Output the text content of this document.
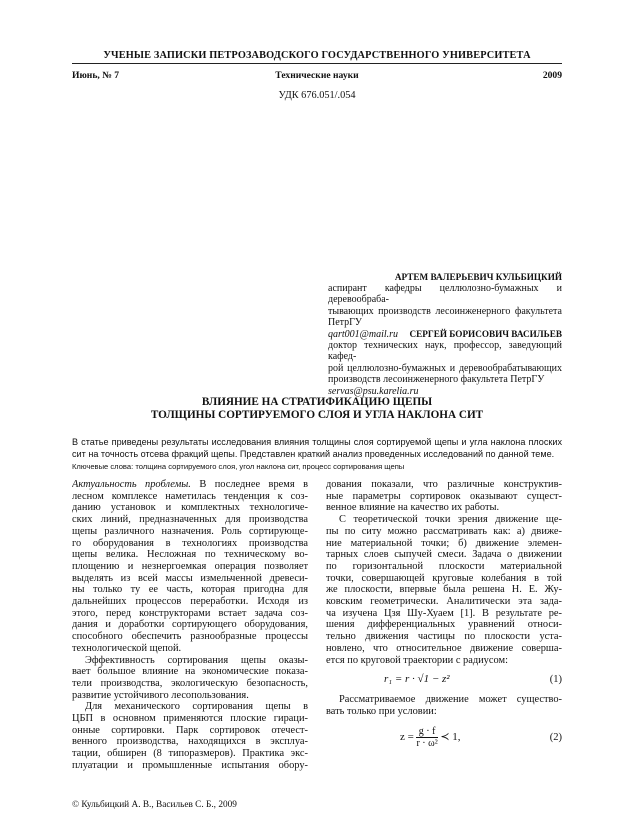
УЧЕНЫЕ ЗАПИСКИ ПЕТРОЗАВОДСКОГО ГОСУДАРСТВЕННОГО УНИВЕРСИТЕТА
Июнь, № 7	Технические науки	2009
УДК 676.051/.054
АРТЕМ ВАЛЕРЬЕВИЧ КУЛЬБИЦКИЙ
аспирант кафедры целлюлозно-бумажных и деревообраба-
тывающих производств лесоинженерного факультета
ПетрГУ
qart001@mail.ru	СЕРГЕЙ БОРИСОВИЧ ВАСИЛЬЕВ
доктор технических наук, профессор, заведующий кафед-
рой целлюлозно-бумажных и деревообрабатывающих
производств лесоинженерного факультета ПетрГУ
servas@psu.karelia.ru
ВЛИЯНИЕ НА СТРАТИФИКАЦИЮ ЩЕПЫ
ТОЛЩИНЫ СОРТИРУЕМОГО СЛОЯ И УГЛА НАКЛОНА СИТ
В статье приведены результаты исследования влияния толщины слоя сортируемой щепы и угла наклона плоских
сит на точность отсева фракций щепы. Представлен краткий анализ проведенных исследований по данной теме.
Ключевые слова: толщина сортируемого слоя, угол наклона сит, процесс сортирования щепы
Актуальность проблемы. В последнее время в
лесном комплексе наметилась тенденция к соз-
данию установок и комплектных технологиче-
ских линий, предназначенных для производства
щепы различного назначения. Роль сортирующе-
го оборудования в технологиях производства
щепы велика. Несложная по техническому во-
площению и незнергоемкая операция позволяет
выделять из всей массы измельченной древеси-
ны только ту ее часть, которая пригодна для
дальнейших процессов переработки. Исходя из
этого, перед конструкторами встает задача соз-
дания и доработки сортирующего оборудования,
способного обеспечить разнообразные процессы
технологической щепой.
Эффективность сортирования щепы оказы-
вает большое влияние на экономические показа-
тели производства, экологическую безопасность,
развитие устойчивого лесопользования.
Для механического сортирования щепы в
ЦБП в основном применяются плоские гираци-
онные сортировки. Парк сортировок отечест-
венного производства, находящихся в эксплуа-
тации, обширен (8 типоразмеров). Практика экс-
плуатации и промышленные испытания обору-
дования показали, что различные конструктив-
ные параметры сортировок оказывают сущест-
венное влияние на качество их работы.
С теоретической точки зрения движение ще-
пы по ситу можно рассматривать как: а) движе-
ние материальной точки; б) движение элемен-
тарных слоев сыпучей смеси. Задача о движении
по горизонтальной плоскости материальной
точки, совершающей круговые колебания в той
же плоскости, впервые была решена Н. Е. Жу-
ковским геометрически. Аналитически эта зада-
ча изучена Цзя Шу-Хуаем [1]. В результате ре-
шения дифференциальных уравнений относи-
тельно движения частицы по плоскости уста-
новлено, что относительное движение соверша-
ется по круговой траектории с радиусом:
r₁ = r · √1 − z²	(1)
Рассматриваемое движение может существо-
вать только при условии:
$z = \frac{g \cdot f}{\text{r · ω²}}$ ≺ 1,	(2)
© Кульбицкий А. В., Васильев С. Б., 2009
